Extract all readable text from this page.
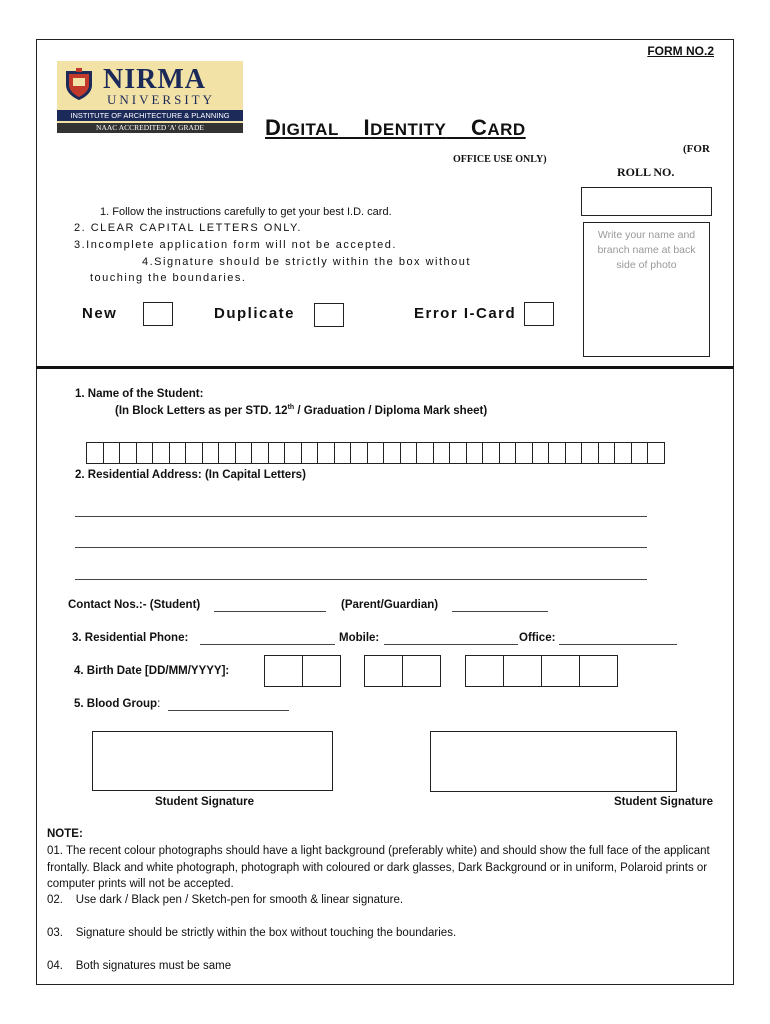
FORM NO.2
NIRMA
UNIVERSITY
INSTITUTE OF ARCHITECTURE & PLANNING
NAAC ACCREDITED 'A' GRADE	DIGITAL IDENTITY CARD
(FOR
OFFICE USE ONLY)
ROLL NO.
Write your name and branch name at back side of photo
1. Follow the instructions carefully to get your best I.D. card.
2. CLEAR CAPITAL LETTERS ONLY.
3.Incomplete application form will not be accepted.
4.Signature should be strictly within the box without
touching the boundaries.
New	Duplicate	Error I-Card
1. Name of the Student:
(In Block Letters as per STD. 12th / Graduation / Diploma Mark sheet)
2. Residential Address: (In Capital Letters)
Contact Nos.:- (Student)	(Parent/Guardian)
3. Residential Phone:	Mobile:	Office:
4. Birth Date [DD/MM/YYYY]:
5. Blood Group:
Student Signature	Student Signature
NOTE:
01. The recent colour photographs should have a light background (preferably white) and should show the full face of the applicant frontally. Black and white photograph, photograph with coloured or dark glasses, Dark Background or in uniform, Polaroid prints or computer prints will not be accepted.
02.    Use dark / Black pen / Sketch-pen for smooth & linear signature.
03.    Signature should be strictly within the box without touching the boundaries.
04.    Both signatures must be same
